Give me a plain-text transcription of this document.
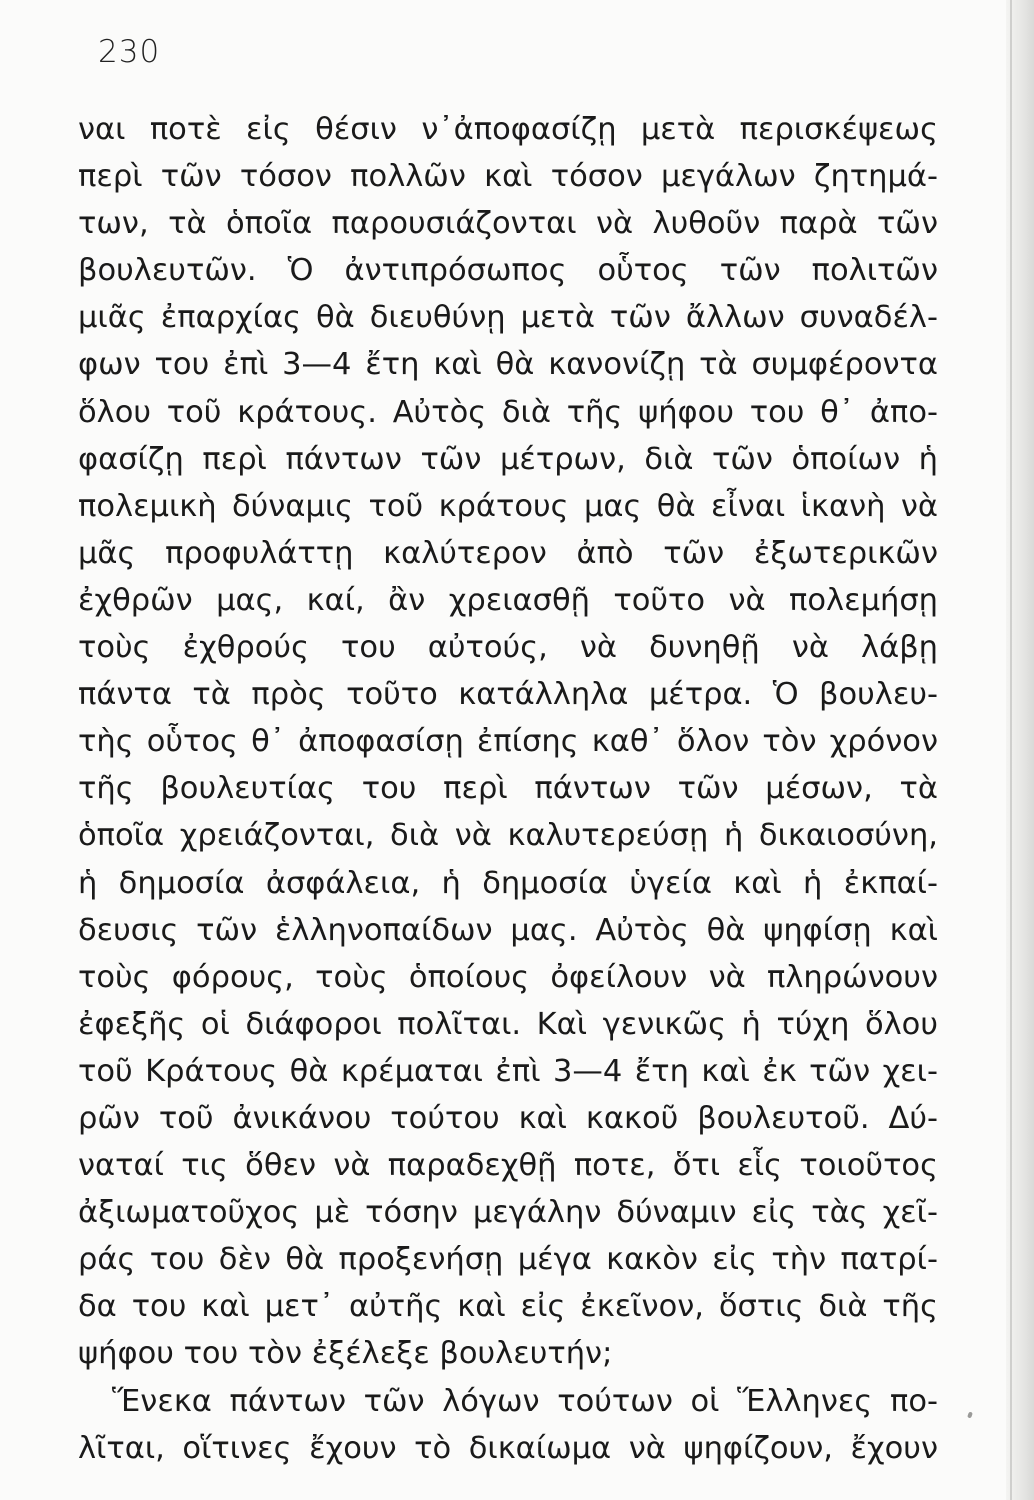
230
ναι ποτὲ εἰς θέσιν ν᾽ἀποφασίζῃ μετὰ περισκέψεως
περὶ τῶν τόσον πολλῶν καὶ τόσον μεγάλων ζητημά-
των, τὰ ὁποῖα παρουσιάζονται νὰ λυθοῦν παρὰ τῶν
βουλευτῶν. Ὁ ἀντιπρόσωπος οὗτος τῶν πολιτῶν
μιᾶς ἐπαρχίας θὰ διευθύνῃ μετὰ τῶν ἄλλων συναδέλ-
φων του ἐπὶ 3—4 ἔτη καὶ θὰ κανονίζῃ τὰ συμφέροντα
ὅλου τοῦ κράτους. Αὐτὸς διὰ τῆς ψήφου του θ᾽ ἀπο-
φασίζῃ περὶ πάντων τῶν μέτρων, διὰ τῶν ὁποίων ἡ
πολεμικὴ δύναμις τοῦ κράτους μας θὰ εἶναι ἱκανὴ νὰ
μᾶς προφυλάττῃ καλύτερον ἀπὸ τῶν ἐξωτερικῶν
ἐχθρῶν μας, καί, ἂν χρειασθῇ τοῦτο νὰ πολεμήσῃ
τοὺς ἐχθρούς του αὐτούς, νὰ δυνηθῇ νὰ λάβῃ
πάντα τὰ πρὸς τοῦτο κατάλληλα μέτρα. Ὁ βουλευ-
τὴς οὗτος θ᾽ ἀποφασίσῃ ἐπίσης καθ᾽ ὅλον τὸν χρόνον
τῆς βουλευτίας του περὶ πάντων τῶν μέσων, τὰ
ὁποῖα χρειάζονται, διὰ νὰ καλυτερεύσῃ ἡ δικαιοσύνη,
ἡ δημοσία ἀσφάλεια, ἡ δημοσία ὑγεία καὶ ἡ ἐκπαί-
δευσις τῶν ἑλληνοπαίδων μας. Αὐτὸς θὰ ψηφίσῃ καὶ
τοὺς φόρους, τοὺς ὁποίους ὀφείλουν νὰ πληρώνουν
ἐφεξῆς οἱ διάφοροι πολῖται. Καὶ γενικῶς ἡ τύχη ὅλου
τοῦ Κράτους θὰ κρέμαται ἐπὶ 3—4 ἔτη καὶ ἐκ τῶν χει-
ρῶν τοῦ ἀνικάνου τούτου καὶ κακοῦ βουλευτοῦ. Δύ-
ναταί τις ὅθεν νὰ παραδεχθῇ ποτε, ὅτι εἷς τοιοῦτος
ἀξιωματοῦχος μὲ τόσην μεγάλην δύναμιν εἰς τὰς χεῖ-
ράς του δὲν θὰ προξενήσῃ μέγα κακὸν εἰς τὴν πατρί-
δα του καὶ μετ᾽ αὐτῆς καὶ εἰς ἐκεῖνον, ὅστις διὰ τῆς
ψήφου του τὸν ἐξέλεξε βουλευτήν;
Ἕνεκα πάντων τῶν λόγων τούτων οἱ Ἕλληνες πο-
λῖται, οἵτινες ἔχουν τὸ δικαίωμα νὰ ψηφίζουν, ἔχουν
